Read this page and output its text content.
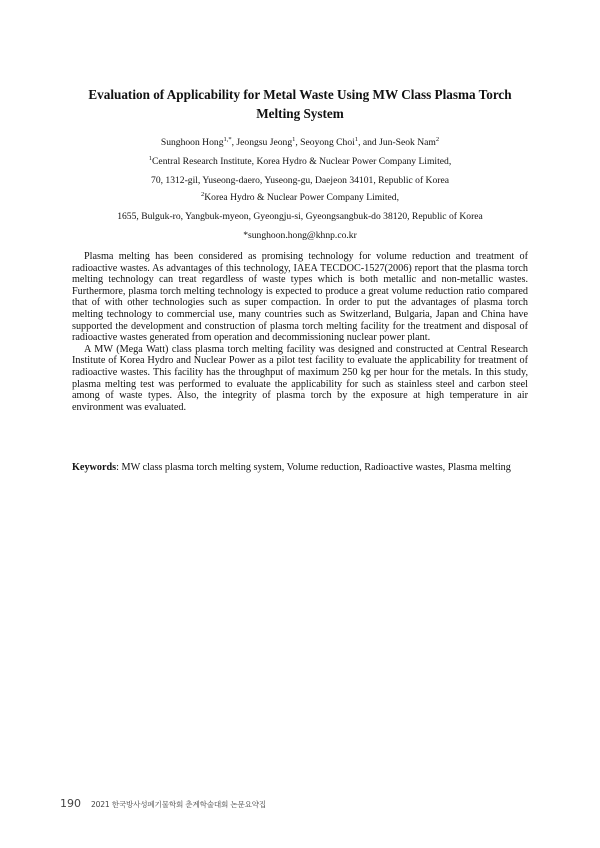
Evaluation of Applicability for Metal Waste Using MW Class Plasma Torch Melting System
Sunghoon Hong$^{1,*}$, Jeongsu Jeong$^1$, Seoyong Choi$^1$, and Jun-Seok Nam$^2$
$^1$Central Research Institute, Korea Hydro & Nuclear Power Company Limited,
70, 1312-gil, Yuseong-daero, Yuseong-gu, Daejeon 34101, Republic of Korea
$^2$Korea Hydro & Nuclear Power Company Limited,
1655, Bulguk-ro, Yangbuk-myeon, Gyeongju-si, Gyeongsangbuk-do 38120, Republic of Korea
*sunghoon.hong@khnp.co.kr

Plasma melting has been considered as promising technology for volume reduction and treatment of radioactive wastes. As advantages of this technology, IAEA TECDOC-1527(2006) report that the plasma torch melting technology can treat regardless of waste types which is both metallic and non-metallic wastes. Furthermore, plasma torch melting technology is expected to produce a great volume reduction ratio compared that of with other technologies such as super compaction. In order to put the advantages of plasma torch melting technology to commercial use, many countries such as Switzerland, Bulgaria, Japan and China have supported the development and construction of plasma torch melting facility for the treatment and disposal of radioactive wastes generated from operation and decommissioning nuclear power plant.

A MW (Mega Watt) class plasma torch melting facility was designed and constructed at Central Research Institute of Korea Hydro and Nuclear Power as a pilot test facility to evaluate the applicability for treatment of radioactive wastes. This facility has the throughput of maximum 250 kg per hour for the metals. In this study, plasma melting test was performed to evaluate the applicability for such as stainless steel and carbon steel among of waste types. Also, the integrity of plasma torch by the exposure at high temperature in air environment was evaluated.

Keywords: MW class plasma torch melting system, Volume reduction, Radioactive wastes, Plasma melting
190 2021 한국방사성폐기물학회 춘계학술대회 논문요약집
